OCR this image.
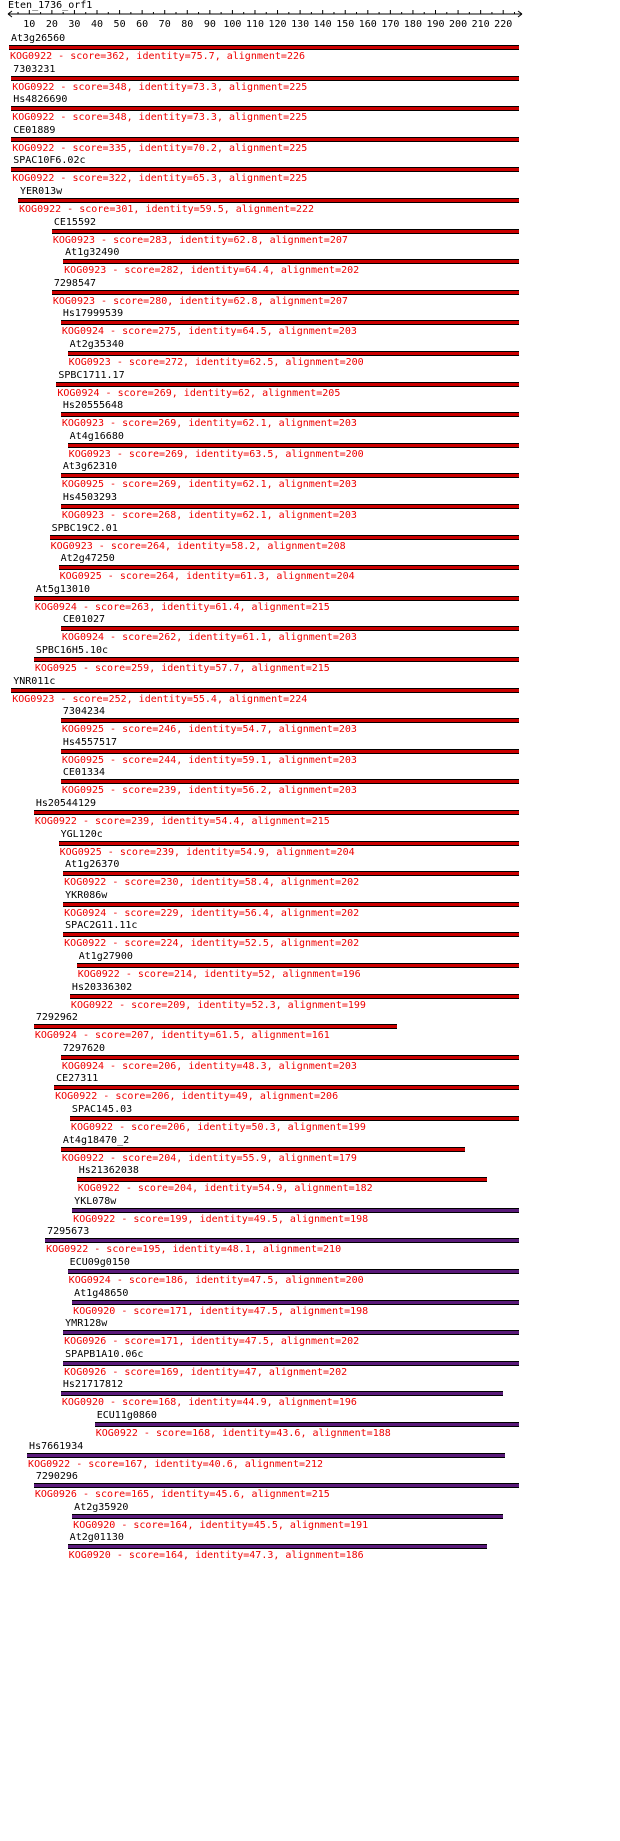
Eten_1736_orf1
10 20 30 40 50 60 70 80 90 100 110 120 130 140 150 160 170 180 190 200 210 220
At3g26560
KOG0922 - score=362, identity=75.7, alignment=226
7303231
KOG0922 - score=348, identity=73.3, alignment=225
Hs4826690
KOG0922 - score=348, identity=73.3, alignment=225
CE01889
KOG0922 - score=335, identity=70.2, alignment=225
SPAC10F6.02c
KOG0922 - score=322, identity=65.3, alignment=225
YER013w
KOG0922 - score=301, identity=59.5, alignment=222
CE15592
KOG0923 - score=283, identity=62.8, alignment=207
At1g32490
KOG0923 - score=282, identity=64.4, alignment=202
7298547
KOG0923 - score=280, identity=62.8, alignment=207
Hs17999539
KOG0924 - score=275, identity=64.5, alignment=203
At2g35340
KOG0923 - score=272, identity=62.5, alignment=200
SPBC1711.17
KOG0924 - score=269, identity=62, alignment=205
Hs20555648
KOG0923 - score=269, identity=62.1, alignment=203
At4g16680
KOG0923 - score=269, identity=63.5, alignment=200
At3g62310
KOG0925 - score=269, identity=62.1, alignment=203
Hs4503293
KOG0923 - score=268, identity=62.1, alignment=203
SPBC19C2.01
KOG0923 - score=264, identity=58.2, alignment=208
At2g47250
KOG0925 - score=264, identity=61.3, alignment=204
At5g13010
KOG0924 - score=263, identity=61.4, alignment=215
CE01027
KOG0924 - score=262, identity=61.1, alignment=203
SPBC16H5.10c
KOG0925 - score=259, identity=57.7, alignment=215
YNR011c
KOG0923 - score=252, identity=55.4, alignment=224
7304234
KOG0925 - score=246, identity=54.7, alignment=203
Hs4557517
KOG0925 - score=244, identity=59.1, alignment=203
CE01334
KOG0925 - score=239, identity=56.2, alignment=203
Hs20544129
KOG0922 - score=239, identity=54.4, alignment=215
YGL120c
KOG0925 - score=239, identity=54.9, alignment=204
At1g26370
KOG0922 - score=230, identity=58.4, alignment=202
YKR086w
KOG0924 - score=229, identity=56.4, alignment=202
SPAC2G11.11c
KOG0922 - score=224, identity=52.5, alignment=202
At1g27900
KOG0922 - score=214, identity=52, alignment=196
Hs20336302
KOG0922 - score=209, identity=52.3, alignment=199
7292962
KOG0924 - score=207, identity=61.5, alignment=161
7297620
KOG0924 - score=206, identity=48.3, alignment=203
CE27311
KOG0922 - score=206, identity=49, alignment=206
SPAC145.03
KOG0922 - score=206, identity=50.3, alignment=199
At4g18470_2
KOG0922 - score=204, identity=55.9, alignment=179
Hs21362038
KOG0922 - score=204, identity=54.9, alignment=182
YKL078w
KOG0922 - score=199, identity=49.5, alignment=198
7295673
KOG0922 - score=195, identity=48.1, alignment=210
ECU09g0150
KOG0924 - score=186, identity=47.5, alignment=200
At1g48650
KOG0920 - score=171, identity=47.5, alignment=198
YMR128w
KOG0926 - score=171, identity=47.5, alignment=202
SPAPB1A10.06c
KOG0926 - score=169, identity=47, alignment=202
Hs21717812
KOG0920 - score=168, identity=44.9, alignment=196
ECU11g0860
KOG0922 - score=168, identity=43.6, alignment=188
Hs7661934
KOG0922 - score=167, identity=40.6, alignment=212
7290296
KOG0926 - score=165, identity=45.6, alignment=215
At2g35920
KOG0920 - score=164, identity=45.5, alignment=191
At2g01130
KOG0920 - score=164, identity=47.3, alignment=186
